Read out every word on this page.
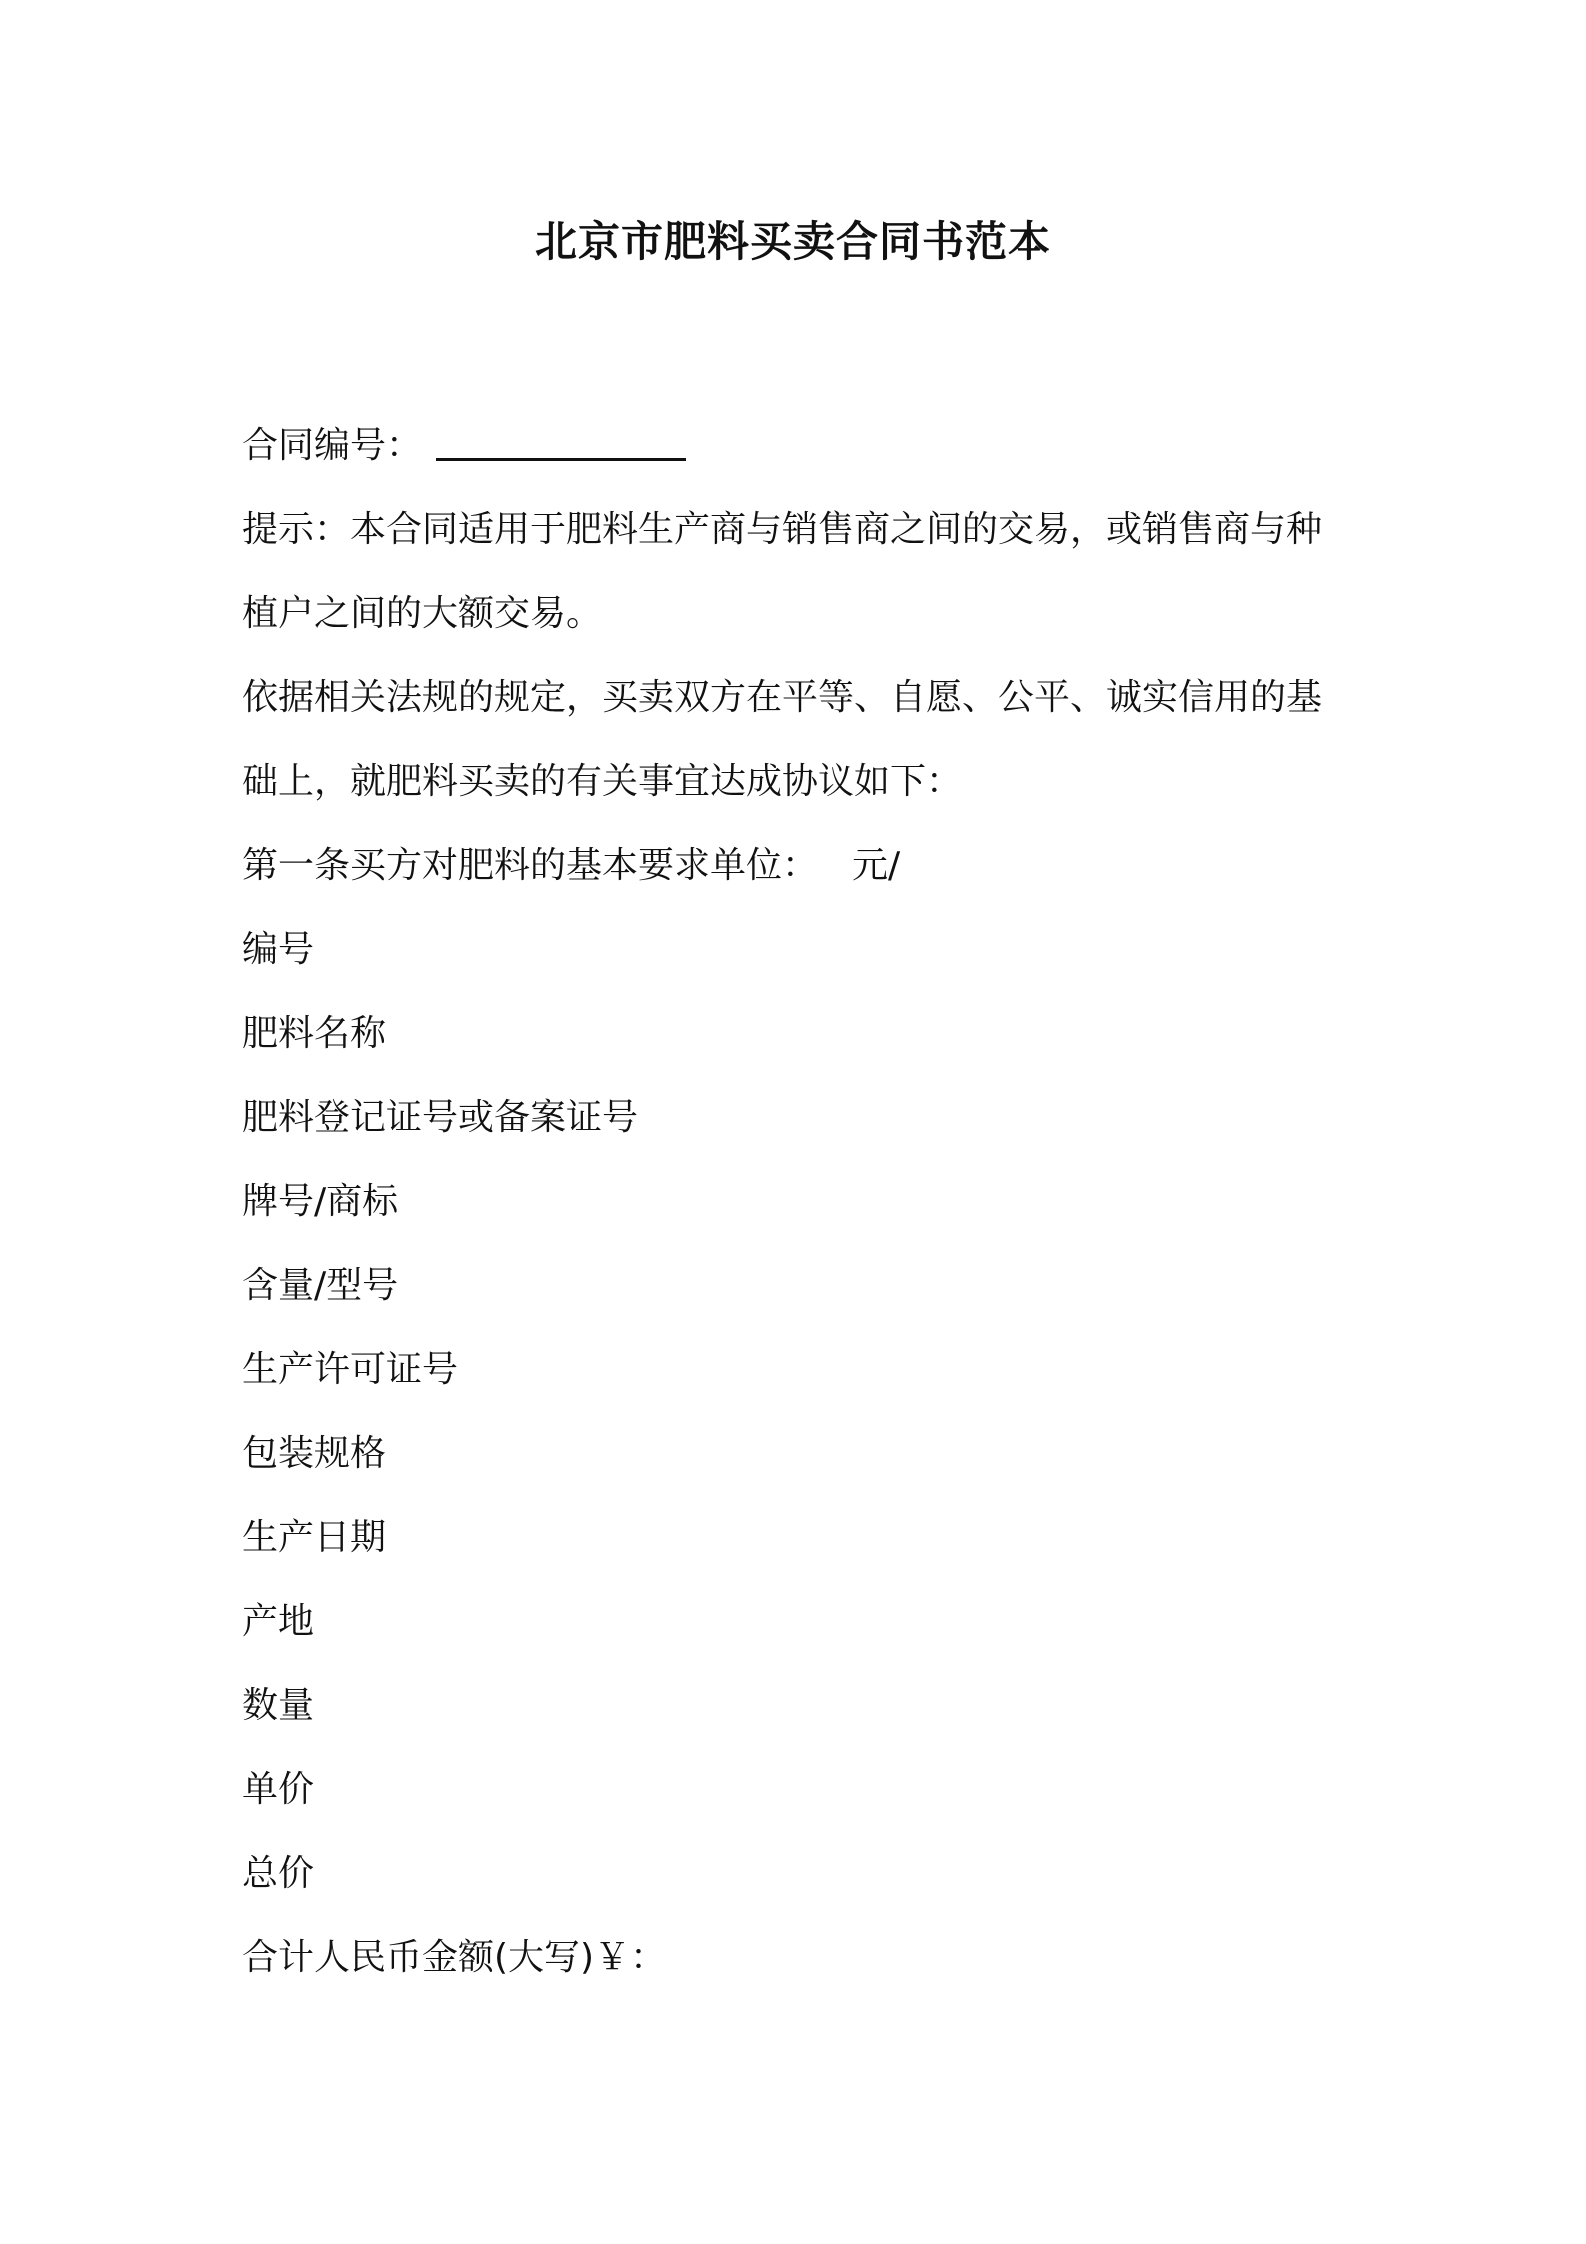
北京市肥料买卖合同书范本
合同编号：
提示：本合同适用于肥料生产商与销售商之间的交易，或销售商与种植户之间的大额交易。
依据相关法规的规定，买卖双方在平等、自愿、公平、诚实信用的基础上，就肥料买卖的有关事宜达成协议如下：
第一条买方对肥料的基本要求单位： 元/
编号
肥料名称
肥料登记证号或备案证号
牌号/商标
含量/型号
生产许可证号
包装规格
生产日期
产地
数量
单价
总价
合计人民币金额(大写)￥：
